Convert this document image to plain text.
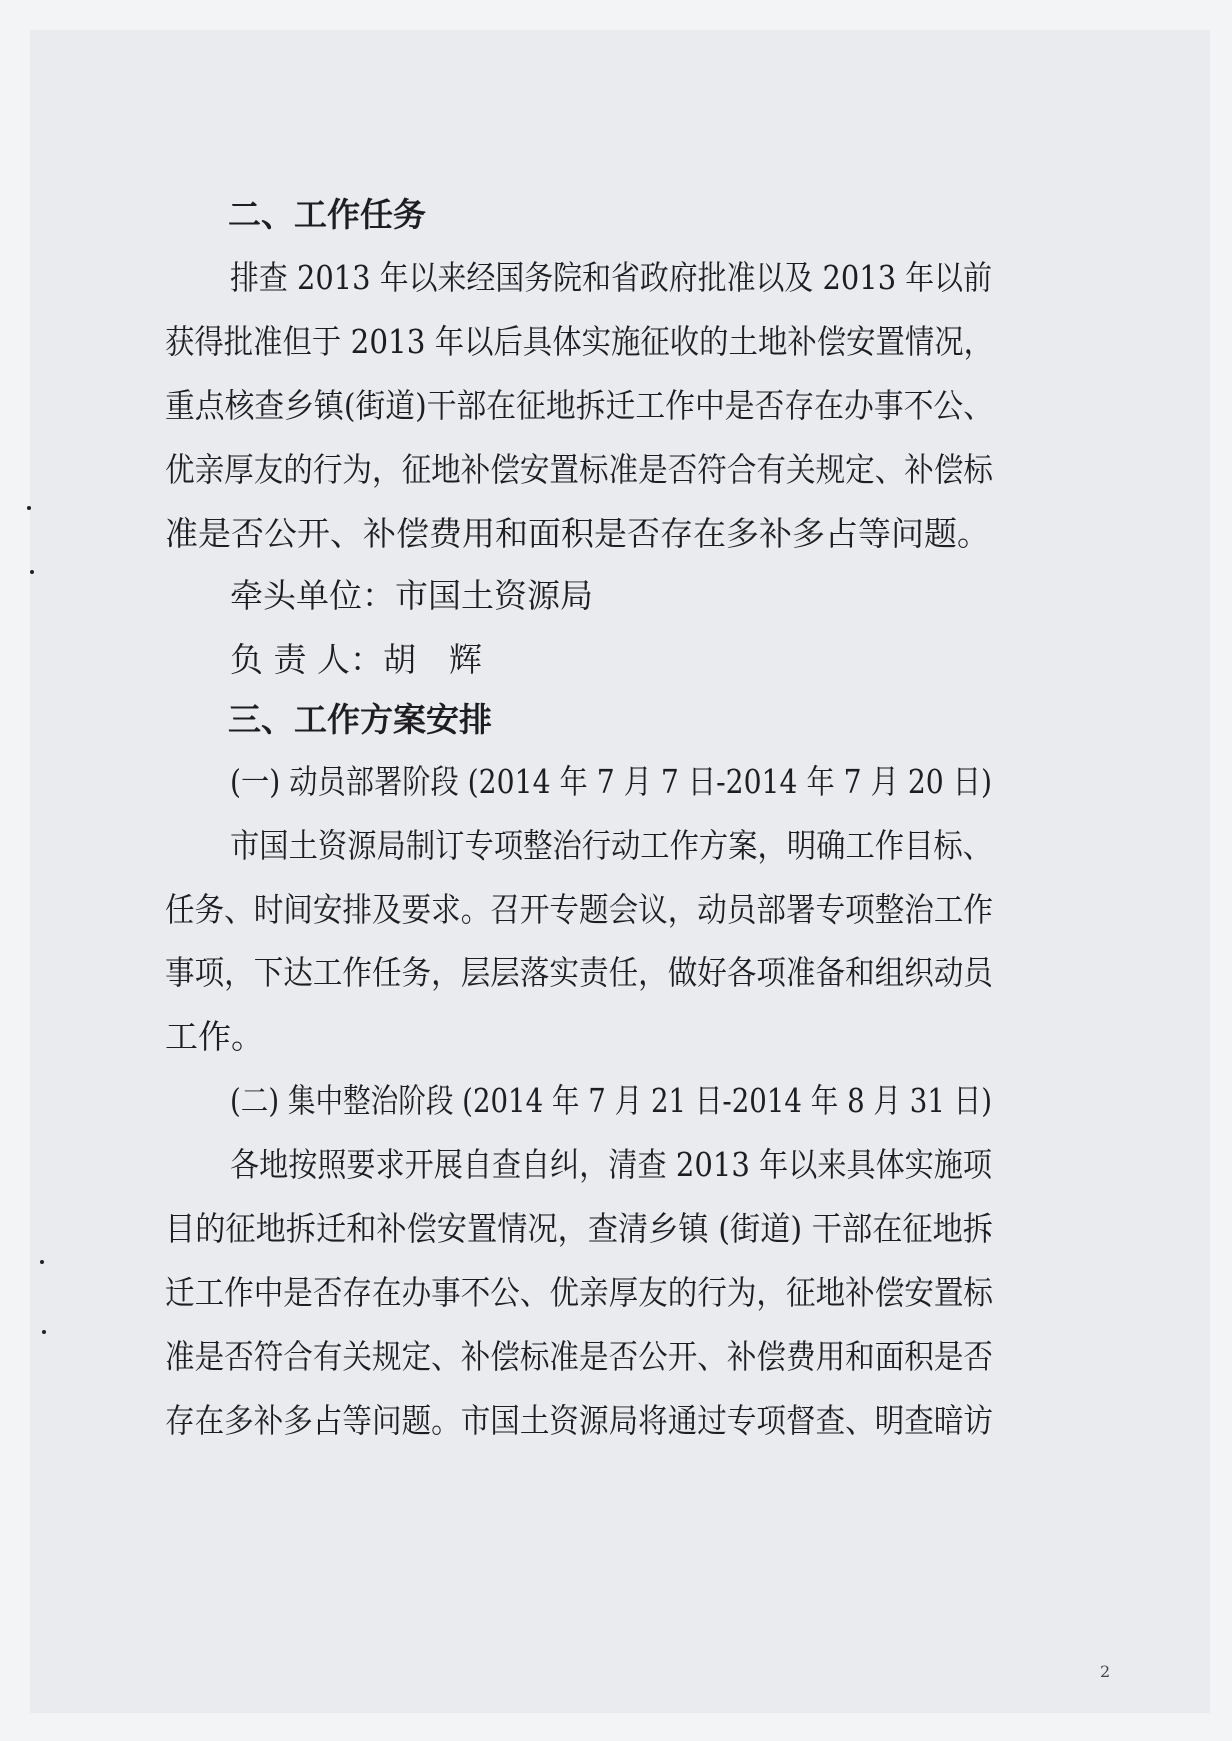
二、工作任务
排查 2013 年以来经国务院和省政府批准以及 2013 年以前
获得批准但于 2013 年以后具体实施征收的土地补偿安置情况，
重点核查乡镇(街道)干部在征地拆迁工作中是否存在办事不公、
优亲厚友的行为，征地补偿安置标准是否符合有关规定、补偿标
准是否公开、补偿费用和面积是否存在多补多占等问题。
牵头单位：市国土资源局
负 责 人：胡　辉
三、工作方案安排
(一) 动员部署阶段 (2014 年 7 月 7 日-2014 年 7 月 20 日)
市国土资源局制订专项整治行动工作方案，明确工作目标、
任务、时间安排及要求。召开专题会议，动员部署专项整治工作
事项，下达工作任务，层层落实责任，做好各项准备和组织动员
工作。
(二) 集中整治阶段 (2014 年 7 月 21 日-2014 年 8 月 31 日)
各地按照要求开展自查自纠，清查 2013 年以来具体实施项
目的征地拆迁和补偿安置情况，查清乡镇 (街道) 干部在征地拆
迁工作中是否存在办事不公、优亲厚友的行为，征地补偿安置标
准是否符合有关规定、补偿标准是否公开、补偿费用和面积是否
存在多补多占等问题。市国土资源局将通过专项督查、明查暗访
2
